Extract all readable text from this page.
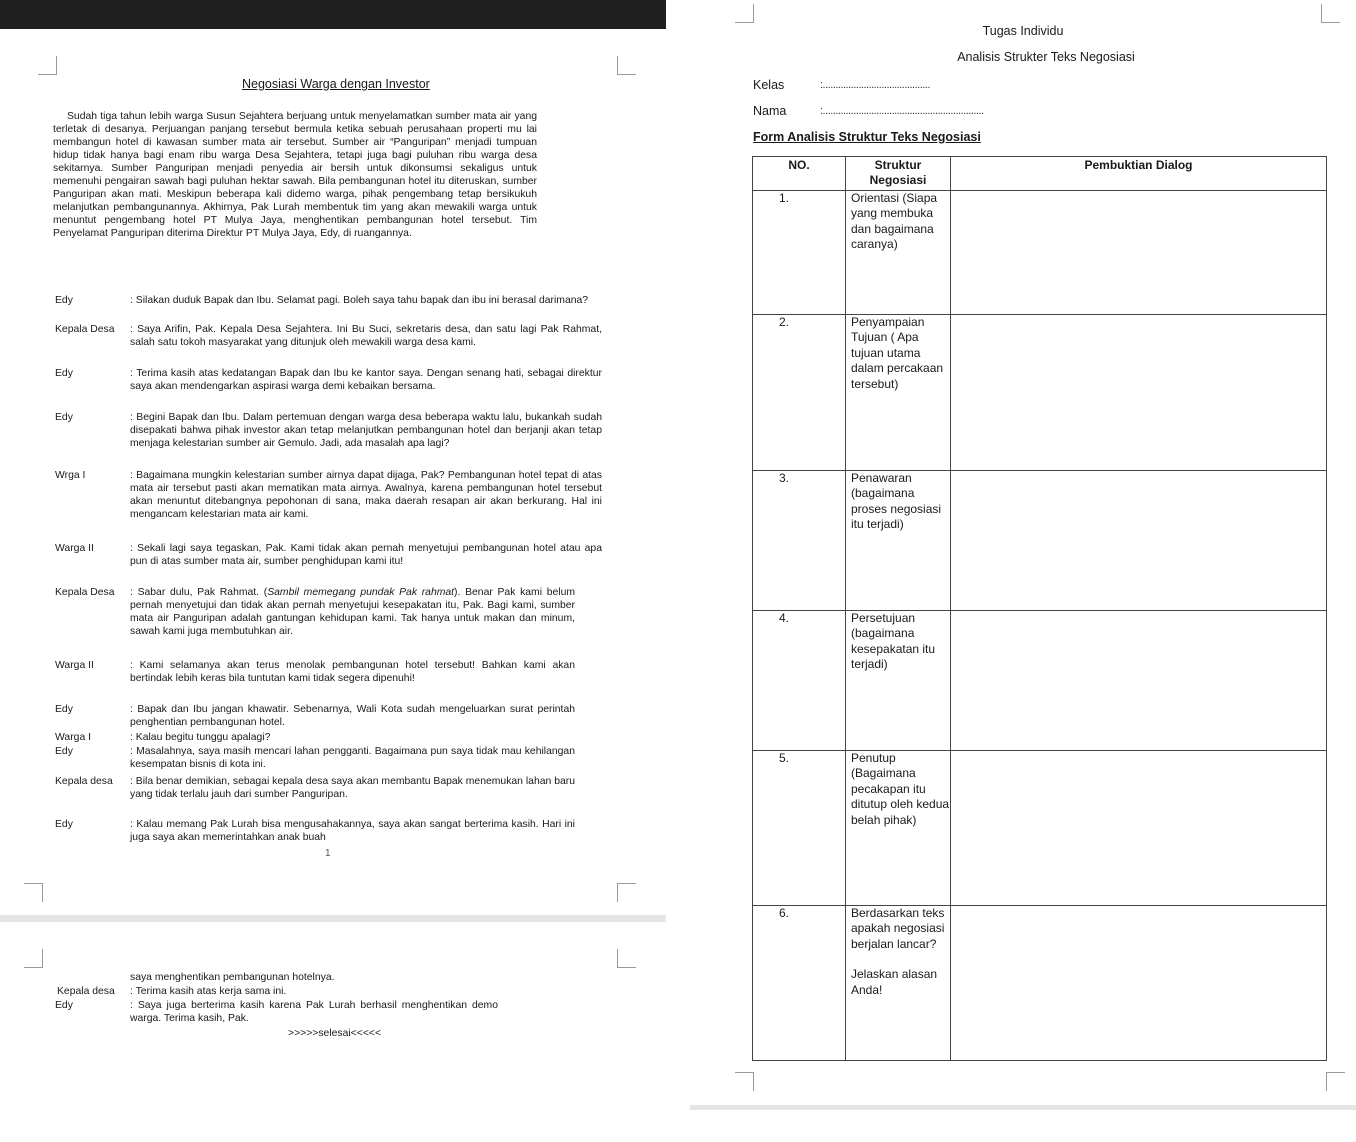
Negosiasi Warga dengan Investor
Sudah tiga tahun lebih warga Susun Sejahtera berjuang untuk menyelamatkan sumber mata air yang terletak di desanya. Perjuangan panjang tersebut bermula ketika sebuah perusahaan properti mu lai membangun hotel di kawasan sumber mata air tersebut. Sumber air “Panguripan” menjadi tumpuan hidup tidak hanya bagi enam ribu warga Desa Sejahtera, tetapi juga bagi puluhan ribu warga desa sekitarnya. Sumber Panguripan menjadi penyedia air bersih untuk dikonsumsi sekaligus untuk memenuhi pengairan sawah bagi puluhan hektar sawah. Bila pembangunan hotel itu diteruskan, sumber Panguripan akan mati. Meskipun beberapa kali didemo warga, pihak pengembang tetap bersikukuh melanjutkan pembangunannya. Akhirnya, Pak Lurah membentuk tim yang akan mewakili warga untuk menuntut pengembang hotel PT Mulya Jaya, menghentikan pembangunan hotel tersebut. Tim Penyelamat Panguripan diterima Direktur PT Mulya Jaya, Edy, di ruangannya.
Edy	: Silakan duduk Bapak dan Ibu. Selamat pagi. Boleh saya tahu bapak dan ibu ini berasal darimana?
Kepala Desa : Saya Arifin, Pak. Kepala Desa Sejahtera. Ini Bu Suci, sekretaris desa, dan satu lagi Pak Rahmat, salah satu tokoh masyarakat yang ditunjuk oleh mewakili warga desa kami.
Edy	: Terima kasih atas kedatangan Bapak dan Ibu ke kantor saya. Dengan senang hati, sebagai direktur saya akan mendengarkan aspirasi warga demi kebaikan bersama.
Edy	: Begini Bapak dan Ibu. Dalam pertemuan dengan warga desa beberapa waktu lalu, bukankah sudah disepakati bahwa pihak investor akan tetap melanjutkan pembangunan hotel dan berjanji akan tetap menjaga kelestarian sumber air Gemulo. Jadi, ada masalah apa lagi?
Wrga I	: Bagaimana mungkin kelestarian sumber airnya dapat dijaga, Pak? Pembangunan hotel tepat di atas mata air tersebut pasti akan mematikan mata airnya. Awalnya, karena pembangunan hotel tersebut akan menuntut ditebangnya pepohonan di sana, maka daerah resapan air akan berkurang. Hal ini mengancam kelestarian mata air kami.
Warga II	: Sekali lagi saya tegaskan, Pak. Kami tidak akan pernah menyetujui pembangunan hotel atau apa pun di atas sumber mata air, sumber penghidupan kami itu!
Kepala Desa : Sabar dulu, Pak Rahmat. (Sambil memegang pundak Pak rahmat). Benar Pak kami belum pernah menyetujui dan tidak akan pernah menyetujui kesepakatan itu, Pak. Bagi kami, sumber mata air Panguripan adalah gantungan kehidupan kami. Tak hanya untuk makan dan minum, sawah kami juga membutuhkan air.
Warga II	: Kami selamanya akan terus menolak pembangunan hotel tersebut! Bahkan kami akan bertindak lebih keras bila tuntutan kami tidak segera dipenuhi!
Edy	: Bapak dan Ibu jangan khawatir. Sebenarnya, Wali Kota sudah mengeluarkan surat perintah penghentian pembangunan hotel.
Warga I	: Kalau begitu tunggu apalagi?
Edy	: Masalahnya, saya masih mencari lahan pengganti. Bagaimana pun saya tidak mau kehilangan kesempatan bisnis di kota ini.
Kepala desa : Bila benar demikian, sebagai kepala desa saya akan membantu Bapak menemukan lahan baru yang tidak terlalu jauh dari sumber Panguripan.
Edy	: Kalau memang Pak Lurah bisa mengusahakannya, saya akan sangat berterima kasih. Hari ini juga saya akan memerintahkan anak buah
1
saya menghentikan pembangunan hotelnya.
Kepala desa : Terima kasih atas kerja sama ini.
Edy	: Saya juga berterima kasih karena Pak Lurah berhasil menghentikan demo warga. Terima kasih, Pak.
>>>>>selesai<<<<<
Tugas Individu
Analisis Strukter Teks Negosiasi
Kelas	:..........................................
Nama	:...............................................................
Form Analisis Struktur Teks Negosiasi
NO.	Struktur Negosiasi	Pembuktian Dialog
1.	Orientasi (Siapa yang membuka dan bagaimana caranya)	
2.	Penyampaian Tujuan ( Apa tujuan utama dalam percakaan tersebut)	
3.	Penawaran (bagaimana proses negosiasi itu terjadi)	
4.	Persetujuan (bagaimana kesepakatan itu terjadi)	
5.	Penutup (Bagaimana pecakapan itu ditutup oleh kedua belah pihak)	
6.	Berdasarkan teks apakah negosiasi berjalan lancar?
Jelaskan alasan Anda!	
